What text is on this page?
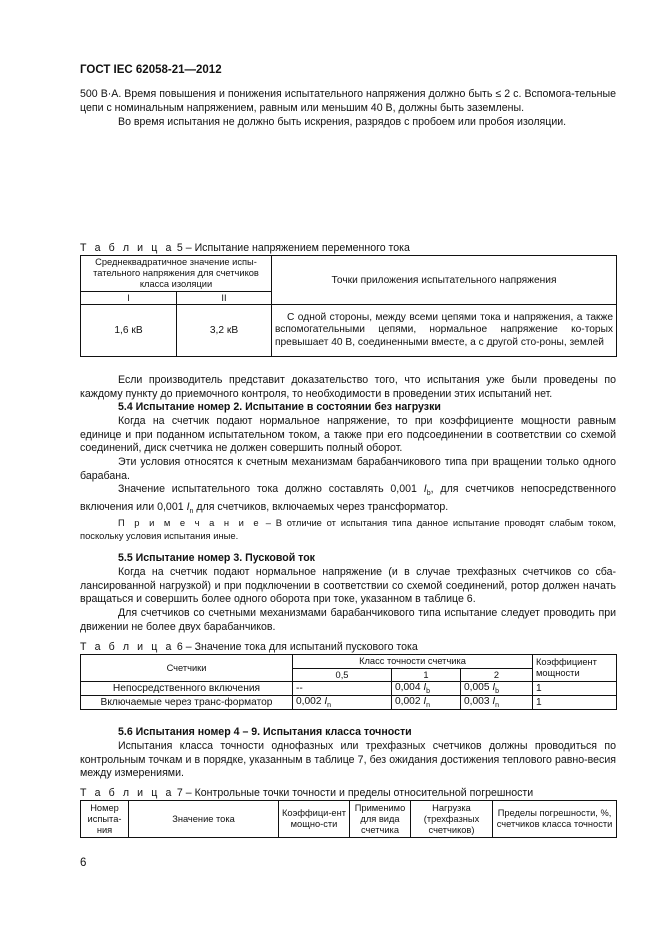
ГОСТ IEC 62058-21—2012

500 В·А. Время повышения и понижения испытательного напряжения должно быть ≤ 2 с. Вспомога-тельные цепи с номинальным напряжением, равным или меньшим 40 В, должны быть заземлены.

Во время испытания не должно быть искрения, разрядов с пробоем или пробоя изоляции.

Т а б л и ц а 5 – Испытание напряжением переменного тока
Среднеквадратичное значение испы-тательного напряжения для счетчиков класса изоляции		Точки приложения испытательного напряжения
I	II	
1,6 кВ	3,2 кВ	С одной стороны, между всеми цепями тока и напряжения, а также вспомогательными цепями, нормальное напряжение ко-торых превышает 40 В, соединенными вместе, а с другой сто-роны, землей

Если производитель представит доказательство того, что испытания уже были проведены по каждому пункту до приемочного контроля, то необходимости в проведении этих испытаний нет.

5.4 Испытание номер 2. Испытание в состоянии без нагрузки

Когда на счетчик подают нормальное напряжение, то при коэффициенте мощности равным единице и при поданном испытательном током, а также при его подсоединении в соответствии со схемой соединений, диск счетчика не должен совершить полный оборот.

Эти условия относятся к счетным механизмам барабанчикового типа при вращении только одного барабана.

Значение испытательного тока должно составлять 0,001 $I_b$, для счетчиков непосредственного включения или 0,001 $I_n$ для счетчиков, включаемых через трансформатор.

П р и м е ч а н и е – В отличие от испытания типа данное испытание проводят слабым током, поскольку условия испытания иные.

5.5 Испытание номер 3. Пусковой ток

Когда на счетчик подают нормальное напряжение (и в случае трехфазных счетчиков со сба-лансированной нагрузкой) и при подключении в соответствии со схемой соединений, ротор должен начать вращаться и совершить более одного оборота при токе, указанном в таблице 6.

Для счетчиков со счетными механизмами барабанчикового типа испытание следует проводить при движении не более двух барабанчиков.

Т а б л и ц а 6 – Значение тока для испытаний пускового тока
Счетчики	Класс точности счетчика			Коэффициент мощности
	0,5	1	2	
Непосредственного включения	--	0,004 $I_b$	0,005 $I_b$	1
Включаемые через транс-форматор	0,002 $I_n$	0,002 $I_n$	0,003 $I_n$	1

5.6 Испытания номер 4 – 9. Испытания класса точности

Испытания класса точности однофазных или трехфазных счетчиков должны проводиться по контрольным точкам и в порядке, указанным в таблице 7, без ожидания достижения теплового равно-весия между измерениями.

Т а б л и ц а 7 – Контрольные точки точности и пределы относительной погрешности
Номер испыта-ния	Значение тока	Коэффици-ент мощно-сти	Применимо для вида счетчика	Нагрузка (трехфазных счетчиков)	Пределы погрешности, %, счетчиков класса точности
6
